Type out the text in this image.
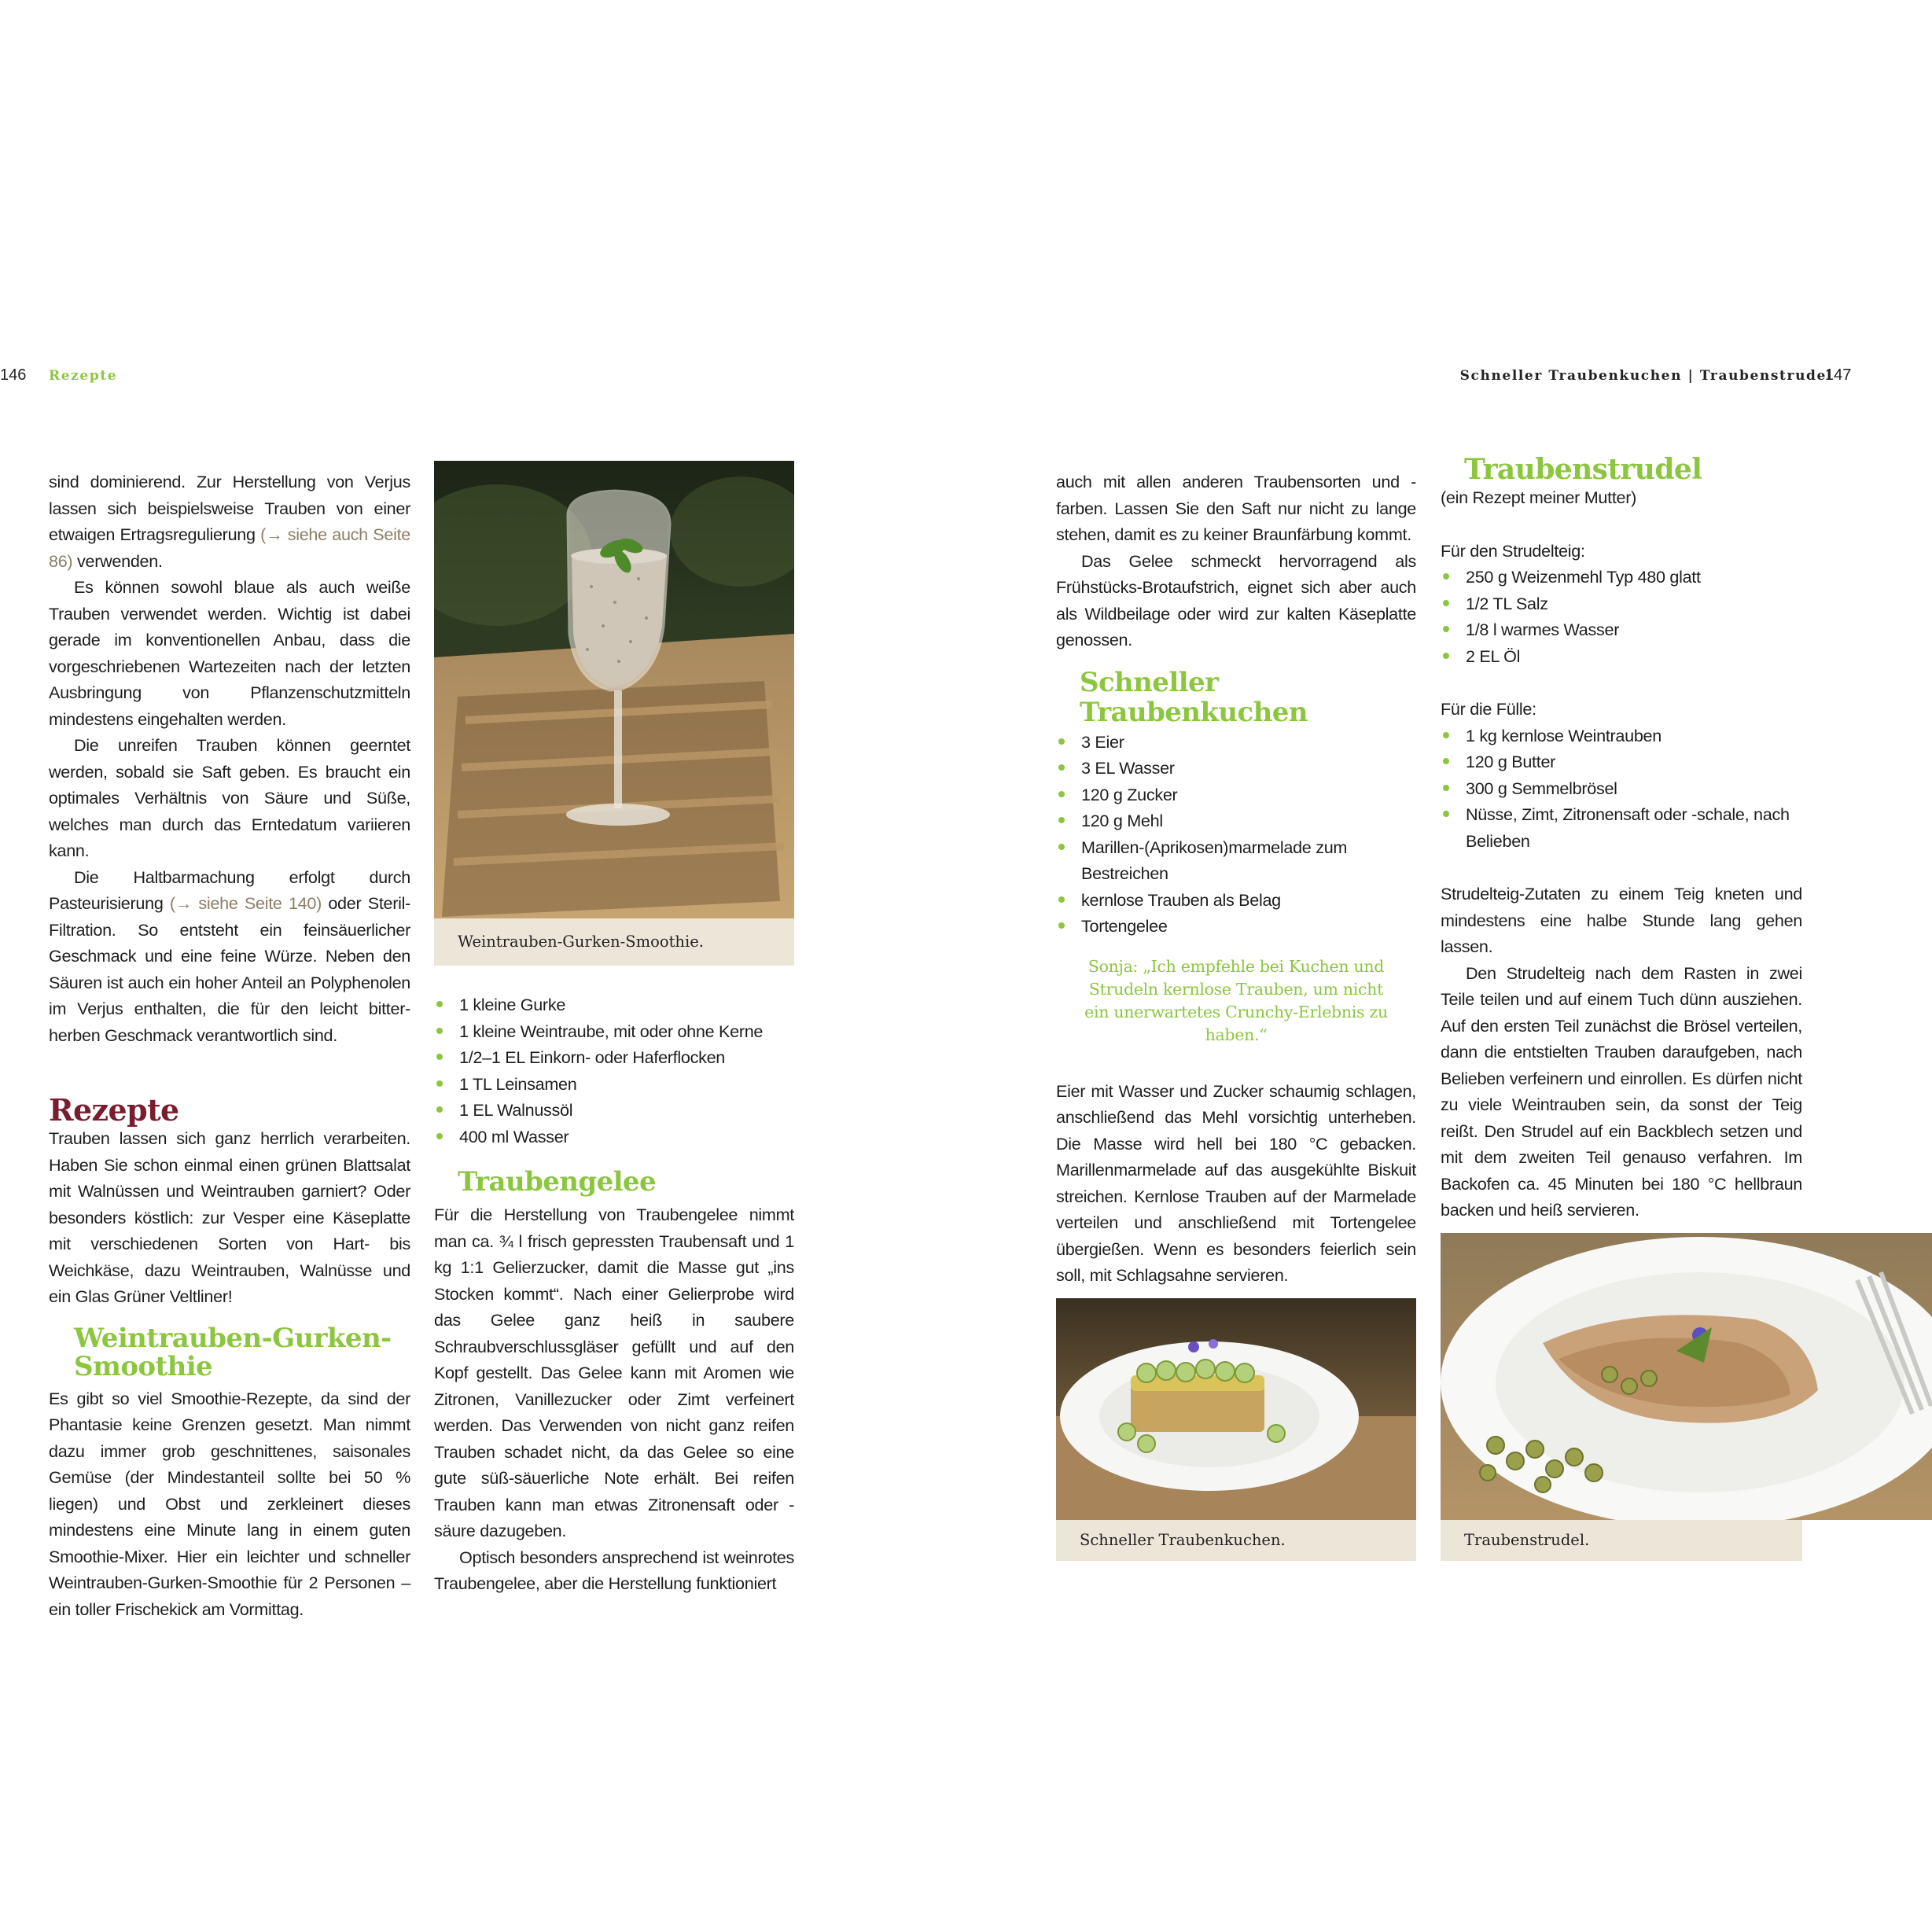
146 Rezepte

sind dominierend. Zur Herstellung von Verjus lassen sich beispielsweise Trauben von einer etwaigen Ertragsregulierung (→ siehe auch Seite 86) verwenden.

Es können sowohl blaue als auch weiße Trauben verwendet werden. Wichtig ist dabei gerade im konventionellen Anbau, dass die vorgeschriebenen Wartezeiten nach der letzten Ausbringung von Pflanzenschutzmitteln mindestens eingehalten werden.

Die unreifen Trauben können geerntet werden, sobald sie Saft geben. Es braucht ein optimales Verhältnis von Säure und Süße, welches man durch das Erntedatum variieren kann.

Die Haltbarmachung erfolgt durch Pasteurisierung (→ siehe Seite 140) oder Steril-Filtration. So entsteht ein feinsäuerlicher Geschmack und eine feine Würze. Neben den Säuren ist auch ein hoher Anteil an Polyphenolen im Verjus enthalten, die für den leicht bitter-herben Geschmack verantwortlich sind.

Rezepte

Trauben lassen sich ganz herrlich verarbeiten. Haben Sie schon einmal einen grünen Blattsalat mit Walnüssen und Weintrauben garniert? Oder besonders köstlich: zur Vesper eine Käseplatte mit verschiedenen Sorten von Hart- bis Weichkäse, dazu Weintrauben, Walnüsse und ein Glas Grüner Veltliner!

Weintrauben-Gurken-Smoothie

Es gibt so viel Smoothie-Rezepte, da sind der Phantasie keine Grenzen gesetzt. Man nimmt dazu immer grob geschnittenes, saisonales Gemüse (der Mindestanteil sollte bei 50 % liegen) und Obst und zerkleinert dieses mindestens eine Minute lang in einem guten Smoothie-Mixer. Hier ein leichter und schneller Weintrauben-Gurken-Smoothie für 2 Personen – ein toller Frischekick am Vormittag.

Weintrauben-Gurken-Smoothie.
1 kleine Gurke
1 kleine Weintraube, mit oder ohne Kerne
1/2–1 EL Einkorn- oder Haferflocken
1 TL Leinsamen
1 EL Walnussöl
400 ml Wasser
Traubengelee

Für die Herstellung von Traubengelee nimmt man ca. ¾ l frisch gepressten Traubensaft und 1 kg 1:1 Gelierzucker, damit die Masse gut „ins Stocken kommt“. Nach einer Gelierprobe wird das Gelee ganz heiß in saubere Schraubverschlussgläser gefüllt und auf den Kopf gestellt. Das Gelee kann mit Aromen wie Zitronen, Vanillezucker oder Zimt verfeinert werden. Das Verwenden von nicht ganz reifen Trauben schadet nicht, da das Gelee so eine gute süß-säuerliche Note erhält. Bei reifen Trauben kann man etwas Zitronensaft oder -säure dazugeben.

Optisch besonders ansprechend ist weinrotes Traubengelee, aber die Herstellung funktioniert

Schneller Traubenkuchen | Traubenstrudel
147

auch mit allen anderen Traubensorten und -farben. Lassen Sie den Saft nur nicht zu lange stehen, damit es zu keiner Braunfärbung kommt.

Das Gelee schmeckt hervorragend als Frühstücks-Brotaufstrich, eignet sich aber auch als Wildbeilage oder wird zur kalten Käseplatte genossen.

Schneller Traubenkuchen
3 Eier
3 EL Wasser
120 g Zucker
120 g Mehl
Marillen-(Aprikosen)marmelade zum Bestreichen
kernlose Trauben als Belag
Tortengelee
Sonja: „Ich empfehle bei Kuchen und Strudeln kernlose Trauben, um nicht ein unerwartetes Crunchy-Erlebnis zu haben.“

Eier mit Wasser und Zucker schaumig schlagen, anschließend das Mehl vorsichtig unterheben. Die Masse wird hell bei 180 °C gebacken. Marillenmarmelade auf das ausgekühlte Biskuit streichen. Kernlose Trauben auf der Marmelade verteilen und anschließend mit Tortengelee übergießen. Wenn es besonders feierlich sein soll, mit Schlagsahne servieren.

Schneller Traubenkuchen.
Traubenstrudel

(ein Rezept meiner Mutter)

Für den Strudelteig:

250 g Weizenmehl Typ 480 glatt
1/2 TL Salz
1/8 l warmes Wasser
2 EL Öl

Für die Fülle:

1 kg kernlose Weintrauben
120 g Butter
300 g Semmelbrösel
Nüsse, Zimt, Zitronensaft oder -schale, nach Belieben

Strudelteig-Zutaten zu einem Teig kneten und mindestens eine halbe Stunde lang gehen lassen.

Den Strudelteig nach dem Rasten in zwei Teile teilen und auf einem Tuch dünn ausziehen. Auf den ersten Teil zunächst die Brösel verteilen, dann die entstielten Trauben daraufgeben, nach Belieben verfeinern und einrollen. Es dürfen nicht zu viele Weintrauben sein, da sonst der Teig reißt. Den Strudel auf ein Backblech setzen und mit dem zweiten Teil genauso verfahren. Im Backofen ca. 45 Minuten bei 180 °C hellbraun backen und heiß servieren.

Traubenstrudel.
